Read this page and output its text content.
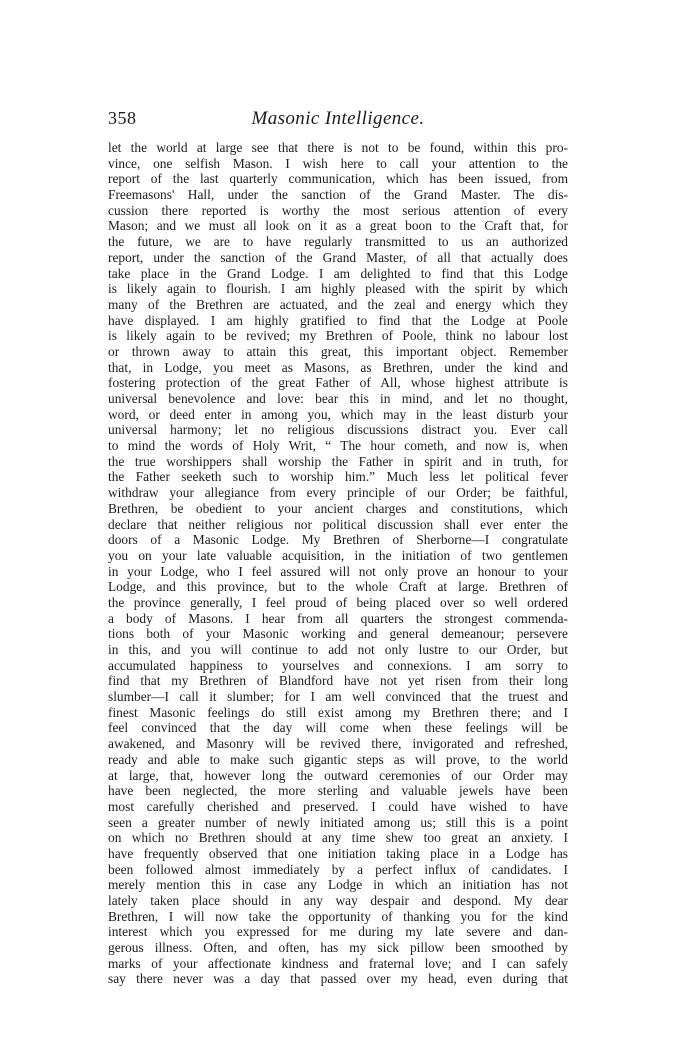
358	Masonic Intelligence.
let the world at large see that there is not to be found, within this pro-
vince, one selfish Mason. I wish here to call your attention to the
report of the last quarterly communication, which has been issued, from
Freemasons' Hall, under the sanction of the Grand Master. The dis-
cussion there reported is worthy the most serious attention of every
Mason; and we must all look on it as a great boon to the Craft that, for
the future, we are to have regularly transmitted to us an authorized
report, under the sanction of the Grand Master, of all that actually does
take place in the Grand Lodge. I am delighted to find that this Lodge
is likely again to flourish. I am highly pleased with the spirit by which
many of the Brethren are actuated, and the zeal and energy which they
have displayed. I am highly gratified to find that the Lodge at Poole
is likely again to be revived; my Brethren of Poole, think no labour lost
or thrown away to attain this great, this important object. Remember
that, in Lodge, you meet as Masons, as Brethren, under the kind and
fostering protection of the great Father of All, whose highest attribute is
universal benevolence and love: bear this in mind, and let no thought,
word, or deed enter in among you, which may in the least disturb your
universal harmony; let no religious discussions distract you. Ever call
to mind the words of Holy Writ, “ The hour cometh, and now is, when
the true worshippers shall worship the Father in spirit and in truth, for
the Father seeketh such to worship him.” Much less let political fever
withdraw your allegiance from every principle of our Order; be faithful,
Brethren, be obedient to your ancient charges and constitutions, which
declare that neither religious nor political discussion shall ever enter the
doors of a Masonic Lodge. My Brethren of Sherborne—I congratulate
you on your late valuable acquisition, in the initiation of two gentlemen
in your Lodge, who I feel assured will not only prove an honour to your
Lodge, and this province, but to the whole Craft at large. Brethren of
the province generally, I feel proud of being placed over so well ordered
a body of Masons. I hear from all quarters the strongest commenda-
tions both of your Masonic working and general demeanour; persevere
in this, and you will continue to add not only lustre to our Order, but
accumulated happiness to yourselves and connexions. I am sorry to
find that my Brethren of Blandford have not yet risen from their long
slumber—I call it slumber; for I am well convinced that the truest and
finest Masonic feelings do still exist among my Brethren there; and I
feel convinced that the day will come when these feelings will be
awakened, and Masonry will be revived there, invigorated and refreshed,
ready and able to make such gigantic steps as will prove, to the world
at large, that, however long the outward ceremonies of our Order may
have been neglected, the more sterling and valuable jewels have been
most carefully cherished and preserved. I could have wished to have
seen a greater number of newly initiated among us; still this is a point
on which no Brethren should at any time shew too great an anxiety. I
have frequently observed that one initiation taking place in a Lodge has
been followed almost immediately by a perfect influx of candidates. I
merely mention this in case any Lodge in which an initiation has not
lately taken place should in any way despair and despond. My dear
Brethren, I will now take the opportunity of thanking you for the kind
interest which you expressed for me during my late severe and dan-
gerous illness. Often, and often, has my sick pillow been smoothed by
marks of your affectionate kindness and fraternal love; and I can safely
say there never was a day that passed over my head, even during that
